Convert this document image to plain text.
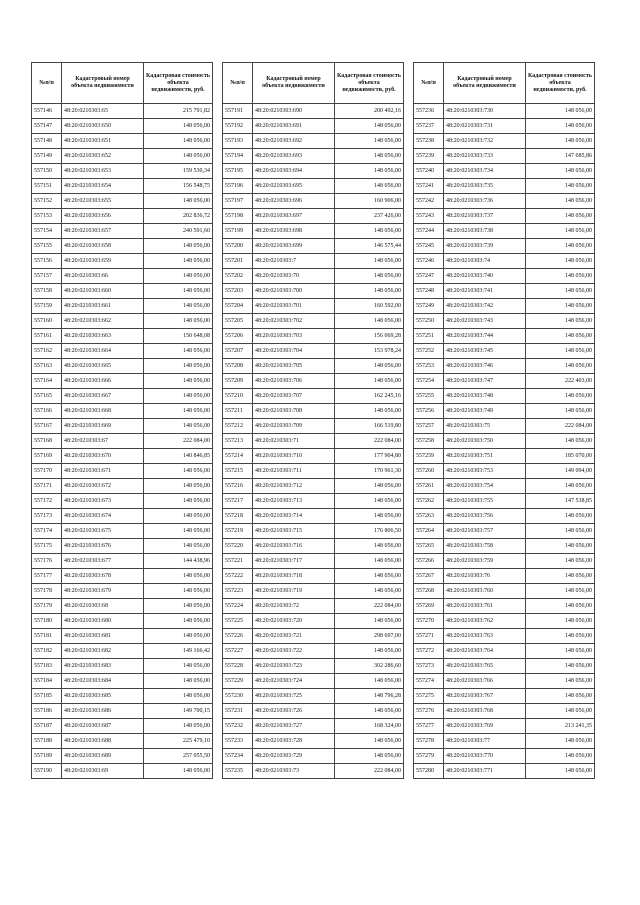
№п/п	Кадастровый номер объекта недвижимости	Кадастровая стоимость объекта недвижимости, руб.
557146	48:20:0210303:65	215 791,82
557147	48:20:0210303:650	148 056,00
557148	48:20:0210303:651	148 056,00
557149	48:20:0210303:652	148 056,00
557150	48:20:0210303:653	159 530,34
557151	48:20:0210303:654	156 548,75
557152	48:20:0210303:655	148 056,00
557153	48:20:0210303:656	202 836,72
557154	48:20:0210303:657	240 591,60
557155	48:20:0210303:658	148 056,00
557156	48:20:0210303:659	148 056,00
557157	48:20:0210303:66	148 056,00
557158	48:20:0210303:660	148 056,00
557159	48:20:0210303:661	148 056,00
557160	48:20:0210303:662	148 056,00
557161	48:20:0210303:663	150 648,08
557162	48:20:0210303:664	148 056,00
557163	48:20:0210303:665	148 056,00
557164	48:20:0210303:666	148 056,00
557165	48:20:0210303:667	148 056,00
557166	48:20:0210303:668	148 056,00
557167	48:20:0210303:669	148 056,00
557168	48:20:0210303:67	222 084,00
557169	48:20:0210303:670	140 846,85
557170	48:20:0210303:671	148 056,00
557171	48:20:0210303:672	148 056,00
557172	48:20:0210303:673	148 056,00
557173	48:20:0210303:674	148 056,00
557174	48:20:0210303:675	148 056,00
557175	48:20:0210303:676	148 056,00
557176	48:20:0210303:677	144 438,96
557177	48:20:0210303:678	148 056,00
557178	48:20:0210303:679	148 056,00
557179	48:20:0210303:68	148 056,00
557180	48:20:0210303:680	148 056,00
557181	48:20:0210303:681	148 056,00
557182	48:20:0210303:682	149 166,42
557183	48:20:0210303:683	148 056,00
557184	48:20:0210303:684	148 056,00
557185	48:20:0210303:685	148 056,00
557186	48:20:0210303:686	149 700,15
557187	48:20:0210303:687	148 056,00
557188	48:20:0210303:688	225 479,10
557189	48:20:0210303:689	257 055,50
557190	48:20:0210303:69	148 056,00
№п/п	Кадастровый номер объекта недвижимости	Кадастровая стоимость объекта недвижимости, руб.
557191	48:20:0210303:690	200 492,16
557192	48:20:0210303:691	148 056,00
557193	48:20:0210303:692	148 056,00
557194	48:20:0210303:693	148 056,00
557195	48:20:0210303:694	148 056,00
557196	48:20:0210303:695	148 056,00
557197	48:20:0210303:696	160 906,00
557198	48:20:0210303:697	237 426,00
557199	48:20:0210303:698	148 056,00
557200	48:20:0210303:699	146 575,44
557201	48:20:0210303:7	148 056,00
557202	48:20:0210303:70	148 056,00
557203	48:20:0210303:700	148 056,00
557204	48:20:0210303:701	160 592,00
557205	48:20:0210303:702	148 056,00
557206	48:20:0210303:703	156 069,28
557207	48:20:0210303:704	153 978,24
557208	48:20:0210303:705	148 056,00
557209	48:20:0210303:706	148 056,00
557210	48:20:0210303:707	162 245,16
557211	48:20:0210303:708	148 056,00
557212	48:20:0210303:709	166 519,80
557213	48:20:0210303:71	222 084,00
557214	48:20:0210303:710	177 904,80
557215	48:20:0210303:711	170 961,30
557216	48:20:0210303:712	148 056,00
557217	48:20:0210303:713	148 056,00
557218	48:20:0210303:714	148 056,00
557219	48:20:0210303:715	176 806,50
557220	48:20:0210303:716	148 056,00
557221	48:20:0210303:717	148 056,00
557222	48:20:0210303:718	148 056,00
557223	48:20:0210303:719	148 056,00
557224	48:20:0210303:72	222 084,00
557225	48:20:0210303:720	148 056,00
557226	48:20:0210303:721	298 697,00
557227	48:20:0210303:722	148 056,00
557228	48:20:0210303:723	302 286,60
557229	48:20:0210303:724	148 056,00
557230	48:20:0210303:725	148 796,28
557231	48:20:0210303:726	148 056,00
557232	48:20:0210303:727	168 324,00
557233	48:20:0210303:728	148 056,00
557234	48:20:0210303:729	148 056,00
557235	48:20:0210303:73	222 084,00
№п/п	Кадастровый номер объекта недвижимости	Кадастровая стоимость объекта недвижимости, руб.
557236	48:20:0210303:730	148 056,00
557237	48:20:0210303:731	148 056,00
557238	48:20:0210303:732	148 056,00
557239	48:20:0210303:733	147 685,86
557240	48:20:0210303:734	148 056,00
557241	48:20:0210303:735	148 056,00
557242	48:20:0210303:736	148 056,00
557243	48:20:0210303:737	148 056,00
557244	48:20:0210303:738	148 056,00
557245	48:20:0210303:739	148 056,00
557246	48:20:0210303:74	148 056,00
557247	48:20:0210303:740	148 056,00
557248	48:20:0210303:741	148 056,00
557249	48:20:0210303:742	148 056,00
557250	48:20:0210303:743	148 056,00
557251	48:20:0210303:744	148 056,00
557252	48:20:0210303:745	148 056,00
557253	48:20:0210303:746	148 056,00
557254	48:20:0210303:747	222 403,00
557255	48:20:0210303:748	148 056,00
557256	48:20:0210303:749	148 056,00
557257	48:20:0210303:75	222 084,00
557258	48:20:0210303:750	148 056,00
557259	48:20:0210303:751	185 070,00
557260	48:20:0210303:753	149 094,00
557261	48:20:0210303:754	148 056,00
557262	48:20:0210303:755	147 538,85
557263	48:20:0210303:756	148 056,00
557264	48:20:0210303:757	148 056,00
557265	48:20:0210303:758	148 056,00
557266	48:20:0210303:759	148 056,00
557267	48:20:0210303:76	148 056,00
557268	48:20:0210303:760	148 056,00
557269	48:20:0210303:761	148 056,00
557270	48:20:0210303:762	148 056,00
557271	48:20:0210303:763	148 056,00
557272	48:20:0210303:764	148 056,00
557273	48:20:0210303:765	148 056,00
557274	48:20:0210303:766	148 056,00
557275	48:20:0210303:767	148 056,00
557276	48:20:0210303:768	148 056,00
557277	48:20:0210303:769	213 241,35
557278	48:20:0210303:77	148 056,00
557279	48:20:0210303:770	148 056,00
557280	48:20:0210303:771	148 056,00
